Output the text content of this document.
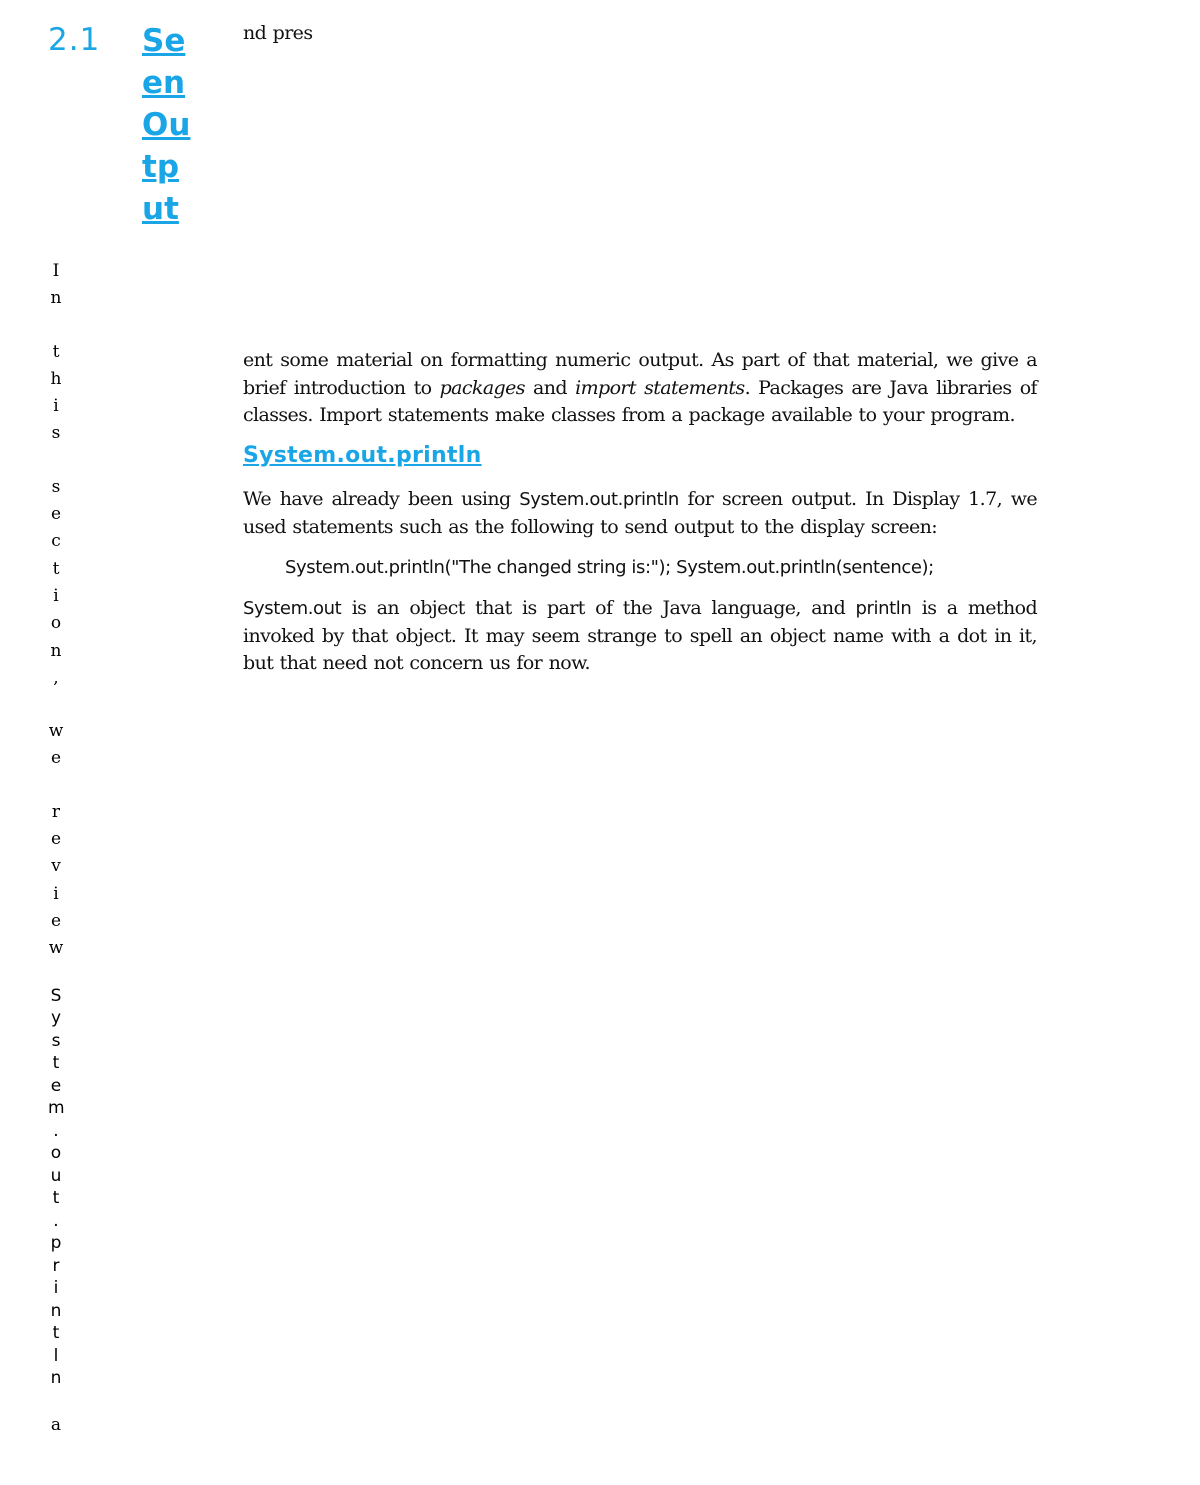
2.1 Se
en
Ou
tp
ut
I
n
t
h
i
s
s
e
c
t
i
o
n
,
w
e
r
e
v
i
e
w
S
y
s
t
e
m
.
o
u
t
.
p
r
i
n
t
l
n
a
nd pres

ent some material on formatting numeric output. As part of that material, we give a brief introduction to packages and import statements. Packages are Java libraries of classes. Import statements make classes from a package available to your program.

System.out.println

We have already been using System.out.println for screen output. In Display 1.7, we used statements such as the following to send output to the display screen:

System.out.println("The changed string is:"); System.out.println(sentence);

System.out is an object that is part of the Java language, and println is a method invoked by that object. It may seem strange to spell an object name with a dot in it, but that need not concern us for now.
